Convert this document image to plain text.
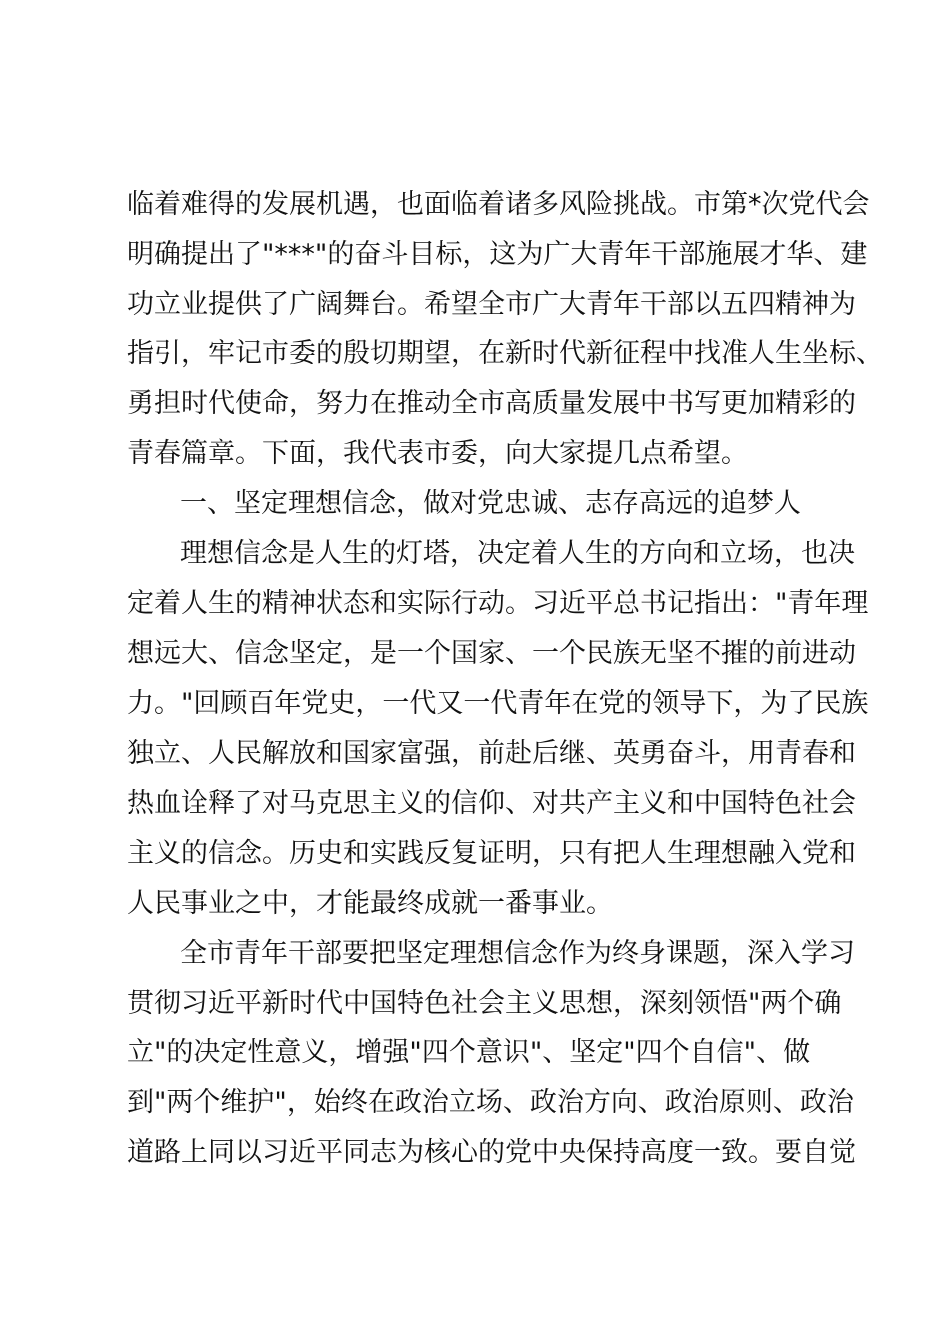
临着难得的发展机遇，也面临着诸多风险挑战。市第*次党代会
明确提出了"***"的奋斗目标，这为广大青年干部施展才华、建
功立业提供了广阔舞台。希望全市广大青年干部以五四精神为
指引，牢记市委的殷切期望，在新时代新征程中找准人生坐标、
勇担时代使命，努力在推动全市高质量发展中书写更加精彩的
青春篇章。下面，我代表市委，向大家提几点希望。
一、坚定理想信念，做对党忠诚、志存高远的追梦人
理想信念是人生的灯塔，决定着人生的方向和立场，也决
定着人生的精神状态和实际行动。习近平总书记指出："青年理
想远大、信念坚定，是一个国家、一个民族无坚不摧的前进动
力。"回顾百年党史，一代又一代青年在党的领导下，为了民族
独立、人民解放和国家富强，前赴后继、英勇奋斗，用青春和
热血诠释了对马克思主义的信仰、对共产主义和中国特色社会
主义的信念。历史和实践反复证明，只有把人生理想融入党和
人民事业之中，才能最终成就一番事业。
全市青年干部要把坚定理想信念作为终身课题，深入学习
贯彻习近平新时代中国特色社会主义思想，深刻领悟"两个确
立"的决定性意义，增强"四个意识"、坚定"四个自信"、做
到"两个维护"，始终在政治立场、政治方向、政治原则、政治
道路上同以习近平同志为核心的党中央保持高度一致。要自觉
